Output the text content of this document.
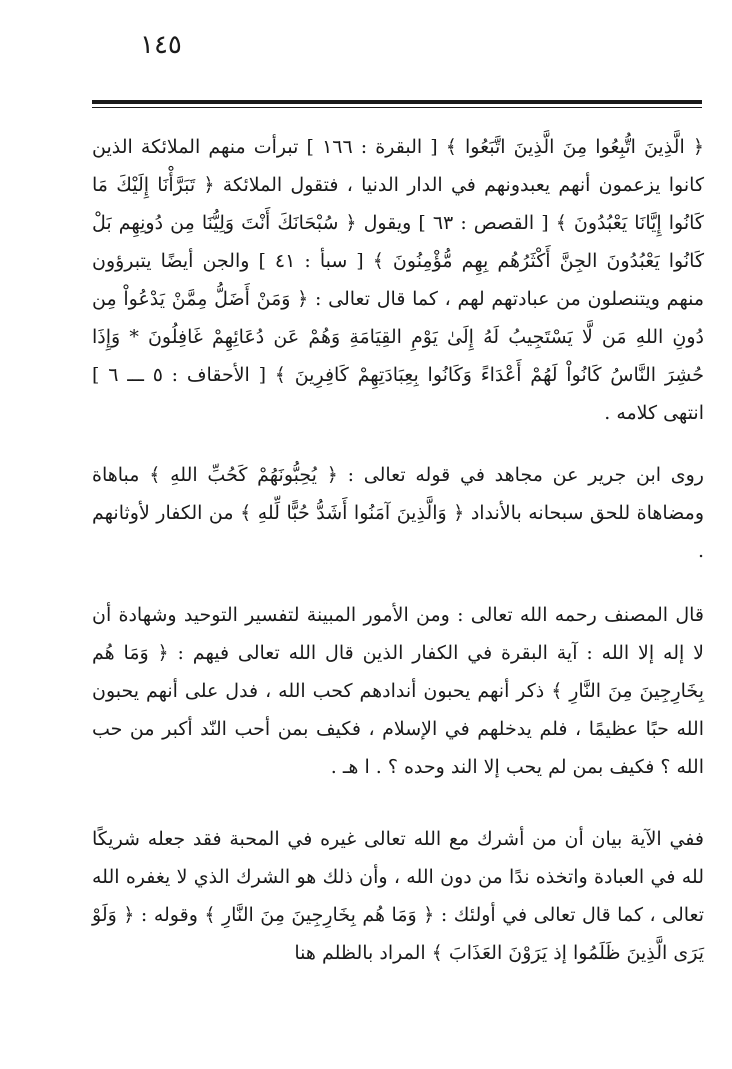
١٤٥

﴿ الَّذِينَ اتُّبِعُوا مِنَ الَّذِينَ اتَّبَعُوا ﴾ [ البقرة : ١٦٦ ] تبرأت منهم الملائكة الذين كانوا يزعمون أنهم يعبدونهم في الدار الدنيا ، فتقول الملائكة ﴿ تَبَرَّأْنَا إِلَيْكَ مَا كَانُوا إِيَّانَا يَعْبُدُونَ ﴾ [ القصص : ٦٣ ] ويقول ﴿ سُبْحَانَكَ أَنْتَ وَلِيُّنَا مِن دُونِهِم بَلْ كَانُوا يَعْبُدُونَ الجِنَّ أَكْثَرُهُم بِهِم مُّؤْمِنُونَ ﴾ [ سبأ : ٤١ ] والجن أيضًا يتبرؤون منهم ويتنصلون من عبادتهم لهم ، كما قال تعالى : ﴿ وَمَنْ أَضَلُّ مِمَّنْ يَدْعُواْ مِن دُونِ اللهِ مَن لَّا يَسْتَجِيبُ لَهُ إِلَىٰ يَوْمِ القِيَامَةِ وَهُمْ عَن دُعَائِهِمْ غَافِلُونَ * وَإِذَا حُشِرَ النَّاسُ كَانُواْ لَهُمْ أَعْدَاءً وَكَانُوا بِعِبَادَتِهِمْ كَافِرِينَ ﴾ [ الأحقاف : ٥ ـــ ٦ ] انتهى كلامه .

روى ابن جرير عن مجاهد في قوله تعالى : ﴿ يُحِبُّونَهُمْ كَحُبِّ اللهِ ﴾ مباهاة ومضاهاة للحق سبحانه بالأنداد ﴿ وَالَّذِينَ آمَنُوا أَشَدُّ حُبًّا لِّلهِ ﴾ من الكفار لأوثانهم .

قال المصنف رحمه الله تعالى : ومن الأمور المبينة لتفسير التوحيد وشهادة أن لا إله إلا الله : آية البقرة في الكفار الذين قال الله تعالى فيهم : ﴿ وَمَا هُم بِخَارِجِينَ مِنَ النَّارِ ﴾ ذكر أنهم يحبون أندادهم كحب الله ، فدل على أنهم يحبون الله حبًا عظيمًا ، فلم يدخلهم في الإسلام ، فكيف بمن أحب النّد أكبر من حب الله ؟ فكيف بمن لم يحب إلا الند وحده ؟ . ا هـ .

ففي الآية بيان أن من أشرك مع الله تعالى غيره في المحبة فقد جعله شريكًا لله في العبادة واتخذه ندًا من دون الله ، وأن ذلك هو الشرك الذي لا يغفره الله تعالى ، كما قال تعالى في أولئك : ﴿ وَمَا هُم بِخَارِجِينَ مِنَ النَّارِ ﴾ وقوله : ﴿ وَلَوْ يَرَى الَّذِينَ ظَلَمُوا إذ يَرَوْنَ العَذَابَ ﴾ المراد بالظلم هنا
